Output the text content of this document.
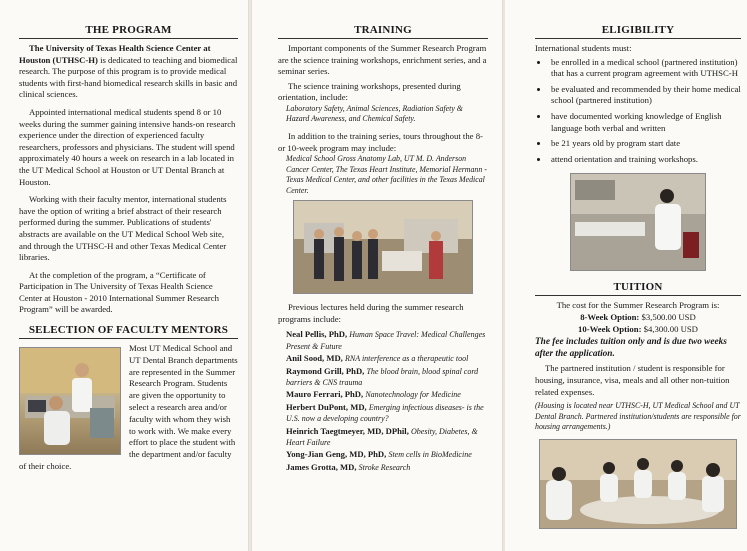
THE PROGRAM

The University of Texas Health Science Center at Houston (UTHSC-H) is dedicated to teaching and biomedical research. The purpose of this program is to provide medical students with first-hand biomedical research skills in basic and clinical sciences.

Appointed international medical students spend 8 or 10 weeks during the summer gaining intensive hands-on research experience under the direction of experienced faculty researchers, professors and physicians. The student will spend approximately 40 hours a week on research in a lab located in the UT Medical School at Houston or UT Dental Branch at Houston.

Working with their faculty mentor, international students have the option of writing a brief abstract of their research performed during the summer. Publications of students' abstracts are available on the UT Medical School Web site, and through the UTHSC-H and other Texas Medical Center libraries.

At the completion of the program, a “Certificate of Participation in The University of Texas Health Science Center at Houston - 2010 International Summer Research Program” will be awarded.

SELECTION OF FACULTY MENTORS

Most UT Medical School and UT Dental Branch departments are represented in the Summer Research Program. Students are given the opportunity to select a research area and/or faculty with whom they wish to work with. We make every effort to place the student with the department and/or faculty of their choice.

TRAINING

Important components of the Summer Research Program are the science training workshops, enrichment series, and a seminar series.

The science training workshops, presented during orientation, include:

Laboratory Safety, Animal Sciences, Radiation Safety & Hazard Awareness, and Chemical Safety.

In addition to the training series, tours throughout the 8- or 10-week program may include:

Medical School Gross Anatomy Lab, UT M. D. Anderson Cancer Center, The Texas Heart Institute, Memorial Hermann - Texas Medical Center, and other facilities in the Texas Medical Center.

Previous lectures held during the summer research programs include:

Neal Pellis, PhD, Human Space Travel: Medical Challenges Present & Future

Anil Sood, MD, RNA interference as a therapeutic tool

Raymond Grill, PhD, The blood brain, blood spinal cord barriers & CNS trauma

Mauro Ferrari, PhD, Nanotechnology for Medicine

Herbert DuPont, MD, Emerging infectious diseases- is the U.S. now a developing country?

Heinrich Taegtmeyer, MD, DPhil, Obesity, Diabetes, & Heart Failure

Yong-Jian Geng, MD, PhD, Stem cells in BioMedicine

James Grotta, MD, Stroke Research

ELIGIBILITY

International students must:

• be enrolled in a medical school (partnered institution) that has a current program agreement with UTHSC-H
• be evaluated and recommended by their home medical school (partnered institution)
• have documented working knowledge of English language both verbal and written
• be 21 years old by program start date
• attend orientation and training workshops.
TUITION

The cost for the Summer Research Program is:

8-Week Option: $3,500.00 USD

10-Week Option: $4,300.00 USD

The fee includes tuition only and is due two weeks after the application.

The partnered institution / student is responsible for housing, insurance, visa, meals and all other non-tuition related expenses.

(Housing is located near UTHSC-H, UT Medical School and UT Dental Branch. Partnered institution/students are responsible for housing arrangements.)
